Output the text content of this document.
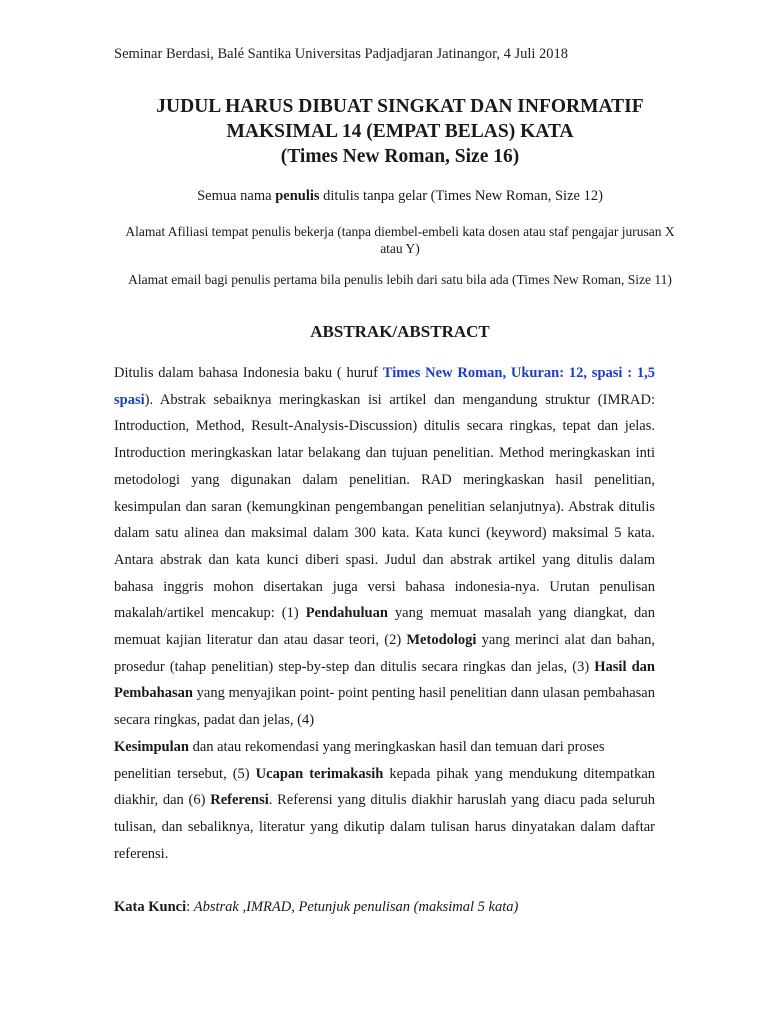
Seminar Berdasi, Balé Santika Universitas Padjadjaran Jatinangor, 4 Juli 2018
JUDUL HARUS DIBUAT SINGKAT DAN INFORMATIF
MAKSIMAL 14 (EMPAT BELAS) KATA
(Times New Roman, Size 16)
Semua nama penulis ditulis tanpa gelar (Times New Roman, Size 12)
Alamat Afiliasi tempat penulis bekerja (tanpa diembel-embeli kata dosen atau staf pengajar jurusan X atau Y)
Alamat email bagi penulis pertama bila penulis lebih dari satu bila ada (Times New Roman, Size 11)
ABSTRAK/ABSTRACT
Ditulis dalam bahasa Indonesia baku ( huruf Times New Roman, Ukuran: 12, spasi : 1,5 spasi). Abstrak sebaiknya meringkaskan isi artikel dan mengandung struktur (IMRAD: Introduction, Method, Result-Analysis-Discussion) ditulis secara ringkas, tepat dan jelas. Introduction meringkaskan latar belakang dan tujuan penelitian. Method meringkaskan inti metodologi yang digunakan dalam penelitian. RAD meringkaskan hasil penelitian, kesimpulan dan saran (kemungkinan pengembangan penelitian selanjutnya). Abstrak ditulis dalam satu alinea dan maksimal dalam 300 kata. Kata kunci (keyword) maksimal 5 kata. Antara abstrak dan kata kunci diberi spasi. Judul dan abstrak artikel yang ditulis dalam bahasa inggris mohon disertakan juga versi bahasa indonesia-nya. Urutan penulisan makalah/artikel mencakup: (1) Pendahuluan yang memuat masalah yang diangkat, dan memuat kajian literatur dan atau dasar teori, (2) Metodologi yang merinci alat dan bahan, prosedur (tahap penelitian) step-by-step dan ditulis secara ringkas dan jelas, (3) Hasil dan Pembahasan yang menyajikan point- point penting hasil penelitian dann ulasan pembahasan secara ringkas, padat dan jelas, (4)
Kesimpulan dan atau rekomendasi yang meringkaskan hasil dan temuan dari proses
penelitian tersebut, (5) Ucapan terimakasih kepada pihak yang mendukung ditempatkan diakhir, dan (6) Referensi. Referensi yang ditulis diakhir haruslah yang diacu pada seluruh tulisan, dan sebaliknya, literatur yang dikutip dalam tulisan harus dinyatakan dalam daftar referensi.
Kata Kunci: Abstrak ,IMRAD, Petunjuk penulisan (maksimal 5 kata)
